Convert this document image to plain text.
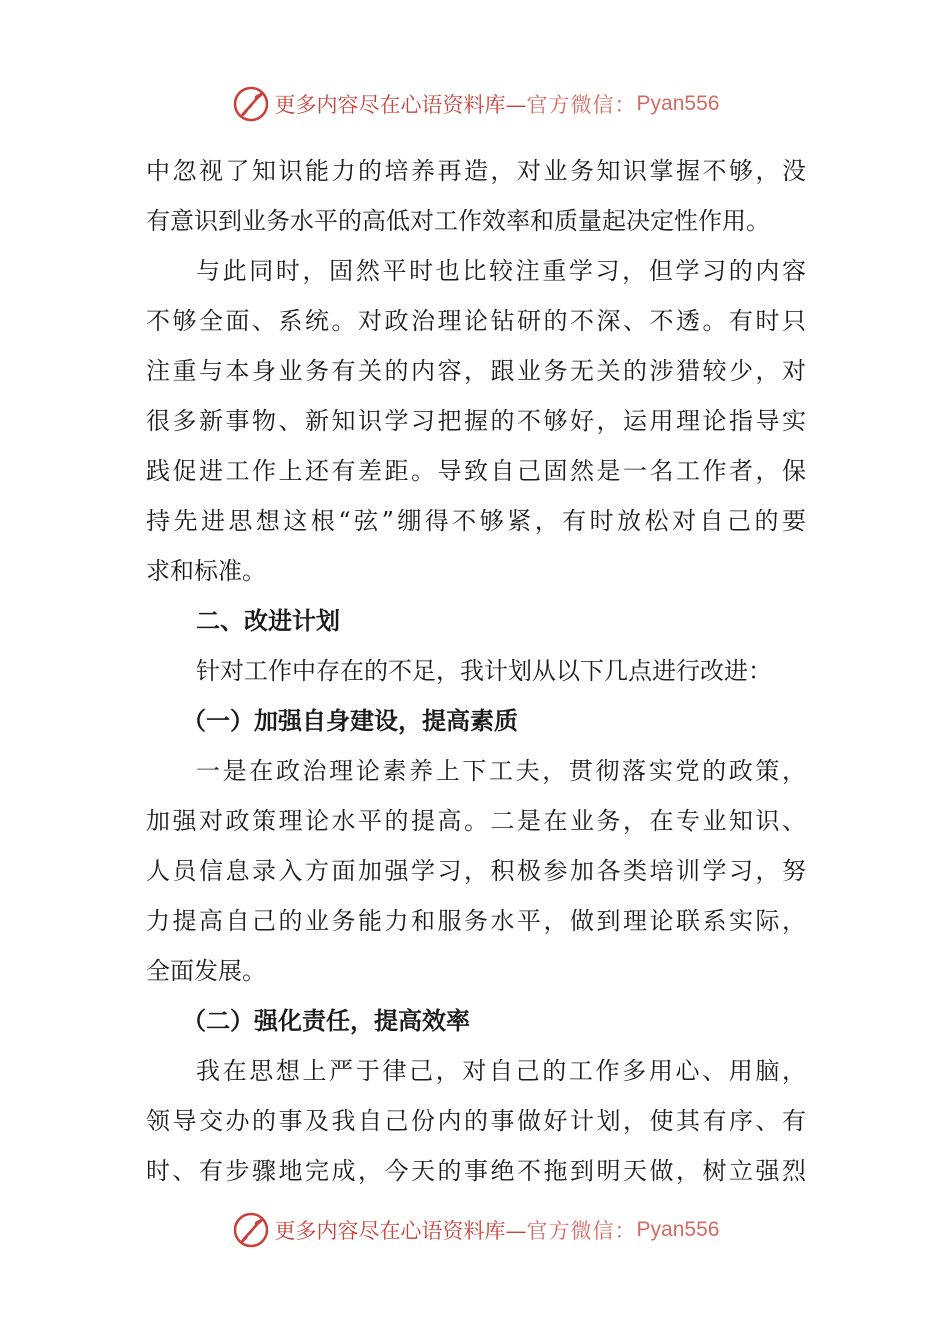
更多内容尽在心语资料库— 官方微信： Pyan556
中忽视了知识能力的培养再造，对业务知识掌握不够，没
有意识到业务水平的高低对工作效率和质量起决定性作用。
与此同时，固然平时也比较注重学习，但学习的内容
不够全面、系统。对政治理论钻研的不深、不透。有时只
注重与本身业务有关的内容，跟业务无关的涉猎较少，对
很多新事物、新知识学习把握的不够好，运用理论指导实
践促进工作上还有差距。导致自己固然是一名工作者，保
持先进思想这根“弦”绷得不够紧，有时放松对自己的要
求和标准。
二、改进计划
针对工作中存在的不足，我计划从以下几点进行改进：
（一）加强自身建设，提高素质
一是在政治理论素养上下工夫，贯彻落实党的政策，
加强对政策理论水平的提高。二是在业务，在专业知识、
人员信息录入方面加强学习，积极参加各类培训学习，努
力提高自己的业务能力和服务水平，做到理论联系实际，
全面发展。
（二）强化责任，提高效率
我在思想上严于律己，对自己的工作多用心、用脑，
领导交办的事及我自己份内的事做好计划，使其有序、有
时、有步骤地完成，今天的事绝不拖到明天做，树立强烈
更多内容尽在心语资料库— 官方微信： Pyan556
